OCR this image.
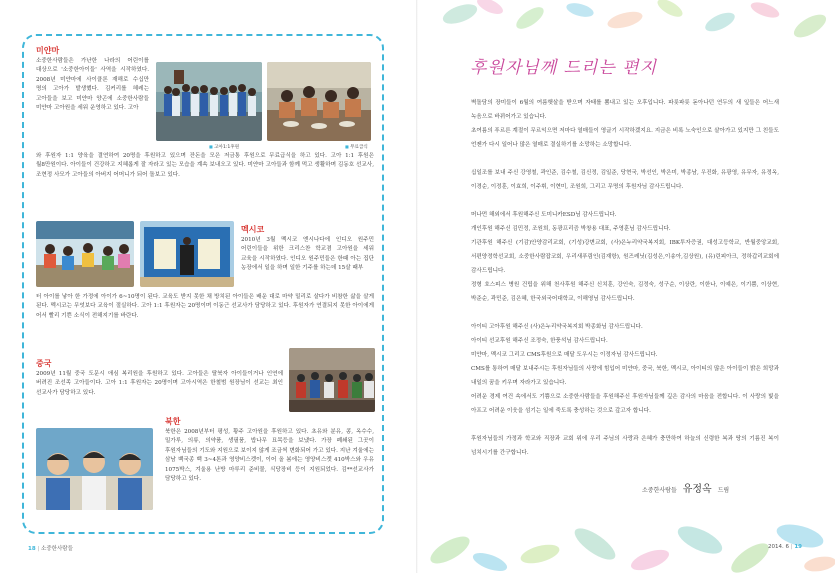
미얀마
소중한사람들은 가난한 나라의 어린이를 대상으로 '소중한아이들' 사역을 시작하였다. 2008년 미얀마에 사이클론 재해로 수십만 명의 고아가 발생했다. 김커리를 헤레는 고아들을 보고 미얀마 양곤에 소중한사람들 미얀마 고아원을 세워 운영하고 있다. 고아
■ 고아1:1후원
■	무료급식
와 후원자 1:1 양육을 결연하여 20명을 후원하고 있으며 잔돈을 모은 저금통 후원으로 무료급식을 하고 있다. 고아 1:1 후원은 월8만원이다. 아이들이 건강하고 지혜롭게 잘 자라고 있는 모습을 계속 보내오고 있다. 미얀마 고아들과 함께 먹고 생활하며 김동호 선교사, 조현정 사모가 고아들의 아버지 어머니가 되어 돌보고 있다.
멕시코
2010년 3월 멕시코 엔시나다에 인디오 원주민 어린이들을 위한 크리스찬 학교겸 고아원을 세워 교육을 시작하였다. 인디오 원주민들은 한때 아는 집단 농장에서 일을 하며 일한 기주를 하는데 15살 때부
터 아이를 낳아 한 가정에 아이가 6~10명이 된다. 교육도 받지 못한 채 방치된 아이들은 배운 대로 마약 밀리로 살다가 비참한 삶을 살게 된다. 멕시코는 무엇보다 교육이 절실하다. 고아 1:1 후원자는 20명이며 이동근 선교사가 담당하고 있다. 후원자가 연결되지 못한 아이에게 어서 빨리 기쁜 소식이 전해지기를 바란다.
중국
2009년 11월 중국 도문시 애심 복리원을 후원하고 있다. 고아들은 탈북자 아이들이거나 인연에 버려진 조선족 고아들이다. 고아 1:1 후원자는 20명이며 고아시역은 한철범 원장님이 선교는 최인 선교사가 담당하고 있다.
북한
북한은 2008년부터 평성, 황주 고아원을 후원하고 있다. 초유와 분유, 콩, 옥수수, 밀가루, 의류, 의약품, 생필품, 밥나무 묘목등을 보냈다. 가장 폐쇄된 그곳이 후원자님들의 기도와 지원으로 보이지 않게 조금씩 변화되어 가고 있다. 지난 겨울에는 삼남 백국종 백 3~4톤과 영양비스켓이, 이어 올 봄에는 영양비스켓 410박스와 우유 1075박스, 겨울용 난방 마루리 준비물, 식당장비 등이 지원되었다. 김**선교사가 담당하고 있다.
18 | 소중한사람들
후원자님께 드리는 편지
벽돌담의 장미들이 6월의 여름햇살을 받으며 자태를 뽐내고 있는 오후입니다. 파릇파릇 돋아나던 연두의 새 잎들은 어느새 녹음으로 바뀌어가고 있습니다.
초여름의 푸르른 계절이 무르익으면 저마다 열매들이 영글기 시작하겠지요. 지금은 비록 노숙인으로 살아가고 있지만 그 친들도 언젠가 다시 일어나 많은 열매로 결실하기를 소망하는 소망합니다.
십일조를 보내 주신 강영철, 곽인준, 김수철, 김신정, 김일준, 당현국, 박선인, 박은미, 박종남, 우진화, 유광영, 유무자, 유정옥, 이경순, 이정훈, 이효희, 이주휘, 이현미, 조원희, 그리고 무명의 후원자님 감사드립니다.
머나먼 해외에서 후원해주신 도미니카ESD님 감사드립니다.
개인후원 해주신 김민정, 조원희, 동광프리즘 박창용 대표, 주영훈님 감사드립니다.
기관후원 해주신 (기감)안양감리교회, (기성)강변교회, (사)은누리약국복지회, IBK투자증권, 대성고등학교, 반월중앙교회, 서편양정학선교회, 소중한사람잡코회, 우리새푸림인(김재항), 원즈레닛(김성은,이송아,김상원), (유)린피아크, 정하갑리교회에 감사드립니다.
정형 호스피스 병원 건립을 위해 천사후원 해주신 신치훈, 강인숙, 김정숙, 성구순, 이상란, 이한나, 이예은, 이기쁨, 이상현, 박준순, 곽민준, 김은혜, 한국외국어대학교, 이해영님 감사드립니다.
아이티 고아후원 해주신 (사)은누리약국복지회 박종화님 감사드립니다.
아이티 선교후원 해주신 조정숙, 한풍석님 감사드립니다.
미얀마, 멕시코 그리고 CMS후원으로 매달 도우시는 이정자님 감사드립니다.
CMS를 통하여 매달 보내주시는 후원자님들의 사랑에 힘입어 미얀마, 중국, 북한, 멕시코, 아이티의 많은 아이들이 밝은 희망과 내일의 꿈을 키우며 자라가고 있습니다.
어려운 경제 여건 속에서도 기쁨으로 소중한사람들을 후원해주신 후원자님들께 깊은 감사의 마음을 전합니다. 이 사랑의 빛을 아프고 어려운 이웃을 섬기는 일에 죽도록 충성하는 것으로 갚고자 합니다.
후원자님들의 가정과 학교와 직장과 교회 위에 우리 주님의 사랑과 은혜가 충만하여 하늘의 신령한 복과 땅의 기름진 복이 넘치시기를 간구합니다.
소중한사람들 유정옥 드림
2014. 6 | 19
